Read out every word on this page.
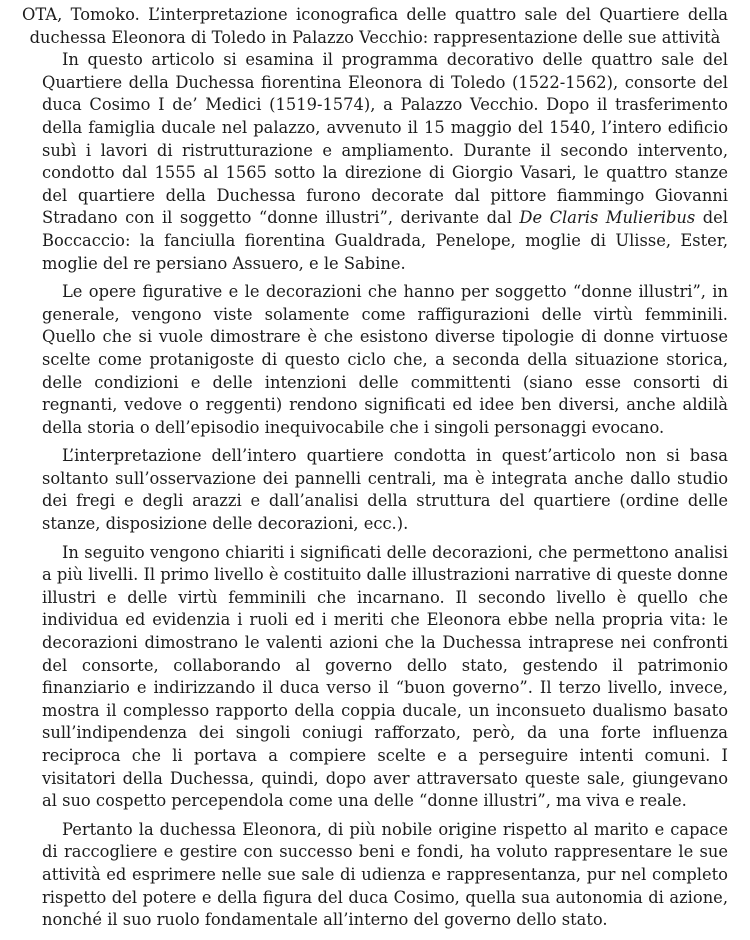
OTA, Tomoko. L’interpretazione iconografica delle quattro sale del Quartiere della
duchessa Eleonora di Toledo in Palazzo Vecchio: rappresentazione delle sue attività

In questo articolo si esamina il programma decorativo delle quattro sale del Quartiere della Duchessa fiorentina Eleonora di Toledo (1522-1562), consorte del duca Cosimo I de’ Medici (1519-1574), a Palazzo Vecchio. Dopo il trasferimento della famiglia ducale nel palazzo, avvenuto il 15 maggio del 1540, l’intero edificio subì i lavori di ristrutturazione e ampliamento. Durante il secondo intervento, condotto dal 1555 al 1565 sotto la direzione di Giorgio Vasari, le quattro stanze del quartiere della Duchessa furono decorate dal pittore fiammingo Giovanni Stradano con il soggetto “donne illustri”, derivante dal De Claris Mulieribus del Boccaccio: la fanciulla fiorentina Gualdrada, Penelope, moglie di Ulisse, Ester, moglie del re persiano Assuero, e le Sabine.

Le opere figurative e le decorazioni che hanno per soggetto “donne illustri”, in generale, vengono viste solamente come raffigurazioni delle virtù femminili. Quello che si vuole dimostrare è che esistono diverse tipologie di donne virtuose scelte come protanigoste di questo ciclo che, a seconda della situazione storica, delle condizioni e delle intenzioni delle committenti (siano esse consorti di regnanti, vedove o reggenti) rendono significati ed idee ben diversi, anche aldilà della storia o dell’episodio inequivocabile che i singoli personaggi evocano.

L’interpretazione dell’intero quartiere condotta in quest’articolo non si basa soltanto sull’osservazione dei pannelli centrali, ma è integrata anche dallo studio dei fregi e degli arazzi e dall’analisi della struttura del quartiere (ordine delle stanze, disposizione delle decorazioni, ecc.).

In seguito vengono chiariti i significati delle decorazioni, che permettono analisi a più livelli. Il primo livello è costituito dalle illustrazioni narrative di queste donne illustri e delle virtù femminili che incarnano. Il secondo livello è quello che individua ed evidenzia i ruoli ed i meriti che Eleonora ebbe nella propria vita: le decorazioni dimostrano le valenti azioni che la Duchessa intraprese nei confronti del consorte, collaborando al governo dello stato, gestendo il patrimonio finanziario e indirizzando il duca verso il “buon governo”. Il terzo livello, invece, mostra il complesso rapporto della coppia ducale, un inconsueto dualismo basato sull’indipendenza dei singoli coniugi rafforzato, però, da una forte influenza reciproca che li portava a compiere scelte e a perseguire intenti comuni. I visitatori della Duchessa, quindi, dopo aver attraversato queste sale, giungevano al suo cospetto percependola come una delle “donne illustri”, ma viva e reale.

Pertanto la duchessa Eleonora, di più nobile origine rispetto al marito e capace di raccogliere e gestire con successo beni e fondi, ha voluto rappresentare le sue attività ed esprimere nelle sue sale di udienza e rappresentanza, pur nel completo rispetto del potere e della figura del duca Cosimo, quella sua autonomia di azione, nonché il suo ruolo fondamentale all’interno del governo dello stato.
